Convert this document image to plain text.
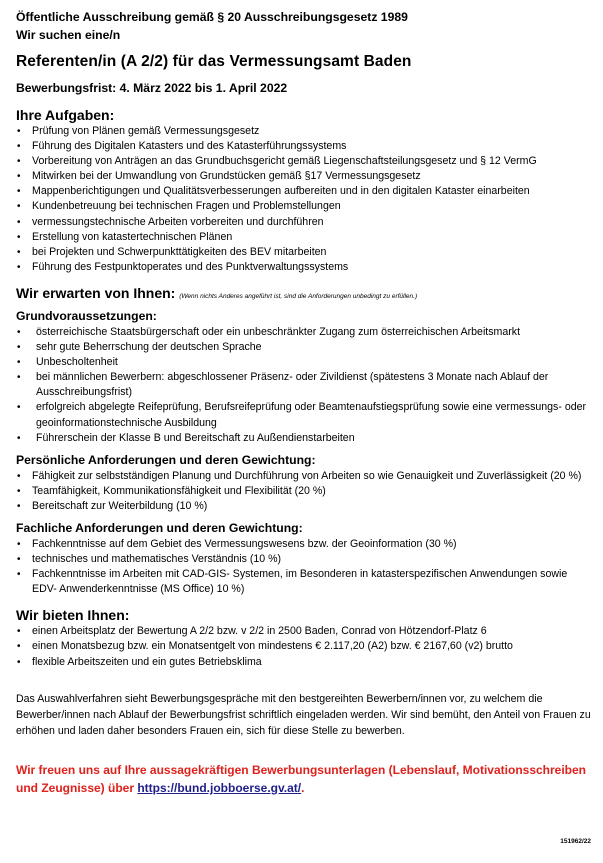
Öffentliche Ausschreibung gemäß § 20 Ausschreibungsgesetz 1989
Wir suchen eine/n
Referenten/in (A 2/2) für das Vermessungsamt Baden
Bewerbungsfrist: 4. März 2022 bis 1. April 2022
Ihre Aufgaben:
• Prüfung von Plänen gemäß Vermessungsgesetz
• Führung des Digitalen Katasters und des Katasterführungssystems
• Vorbereitung von Anträgen an das Grundbuchsgericht gemäß Liegenschaftsteilungsgesetz und § 12 VermG
• Mitwirken bei der Umwandlung von Grundstücken gemäß §17 Vermessungsgesetz
• Mappenberichtigungen und Qualitätsverbesserungen aufbereiten und in den digitalen Kataster einarbeiten
• Kundenbetreuung bei technischen Fragen und Problemstellungen
• vermessungstechnische Arbeiten vorbereiten und durchführen
• Erstellung von katastertechnischen Plänen
• bei Projekten und Schwerpunkttätigkeiten des BEV mitarbeiten
• Führung des Festpunktoperates und des Punktverwaltungssystems
Wir erwarten von Ihnen: (Wenn nichts Anderes angeführt ist, sind die Anforderungen unbedingt zu erfüllen.)
Grundvoraussetzungen:
• österreichische Staatsbürgerschaft oder ein unbeschränkter Zugang zum österreichischen Arbeitsmarkt
• sehr gute Beherrschung der deutschen Sprache
• Unbescholtenheit
• bei männlichen Bewerbern: abgeschlossener Präsenz- oder Zivildienst (spätestens 3 Monate nach Ablauf der Ausschreibungsfrist)
• erfolgreich abgelegte Reifeprüfung, Berufsreifeprüfung oder Beamtenaufstiegsprüfung sowie eine vermessungs- oder geoinformationstechnische Ausbildung
• Führerschein der Klasse B und Bereitschaft zu Außendienstarbeiten
Persönliche Anforderungen und deren Gewichtung:
• Fähigkeit zur selbstständigen Planung und Durchführung von Arbeiten so wie Genauigkeit und Zuverlässigkeit (20 %)
• Teamfähigkeit, Kommunikationsfähigkeit und Flexibilität (20 %)
• Bereitschaft zur Weiterbildung (10 %)
Fachliche Anforderungen und deren Gewichtung:
• Fachkenntnisse auf dem Gebiet des Vermessungswesens bzw. der Geoinformation (30 %)
• technisches und mathematisches Verständnis (10 %)
• Fachkenntnisse im Arbeiten mit CAD-GIS- Systemen, im Besonderen in katasterspezifischen Anwendungen sowie EDV- Anwenderkenntnisse (MS Office) 10 %)
Wir bieten Ihnen:
• einen Arbeitsplatz der Bewertung A 2/2 bzw. v 2/2 in 2500 Baden, Conrad von Hötzendorf-Platz 6
• einen Monatsbezug bzw. ein Monatsentgelt von mindestens € 2.117,20 (A2) bzw. € 2167,60 (v2) brutto
• flexible Arbeitszeiten und ein gutes Betriebsklima
Das Auswahlverfahren sieht Bewerbungsgespräche mit den bestgereihten Bewerbern/innen vor, zu welchem die Bewerber/innen nach Ablauf der Bewerbungsfrist schriftlich eingeladen werden. Wir sind bemüht, den Anteil von Frauen zu erhöhen und laden daher besonders Frauen ein, sich für diese Stelle zu bewerben.
Wir freuen uns auf Ihre aussagekräftigen Bewerbungsunterlagen (Lebenslauf, Motivationsschreiben und Zeugnisse) über https://bund.jobboerse.gv.at/.
151962/22
